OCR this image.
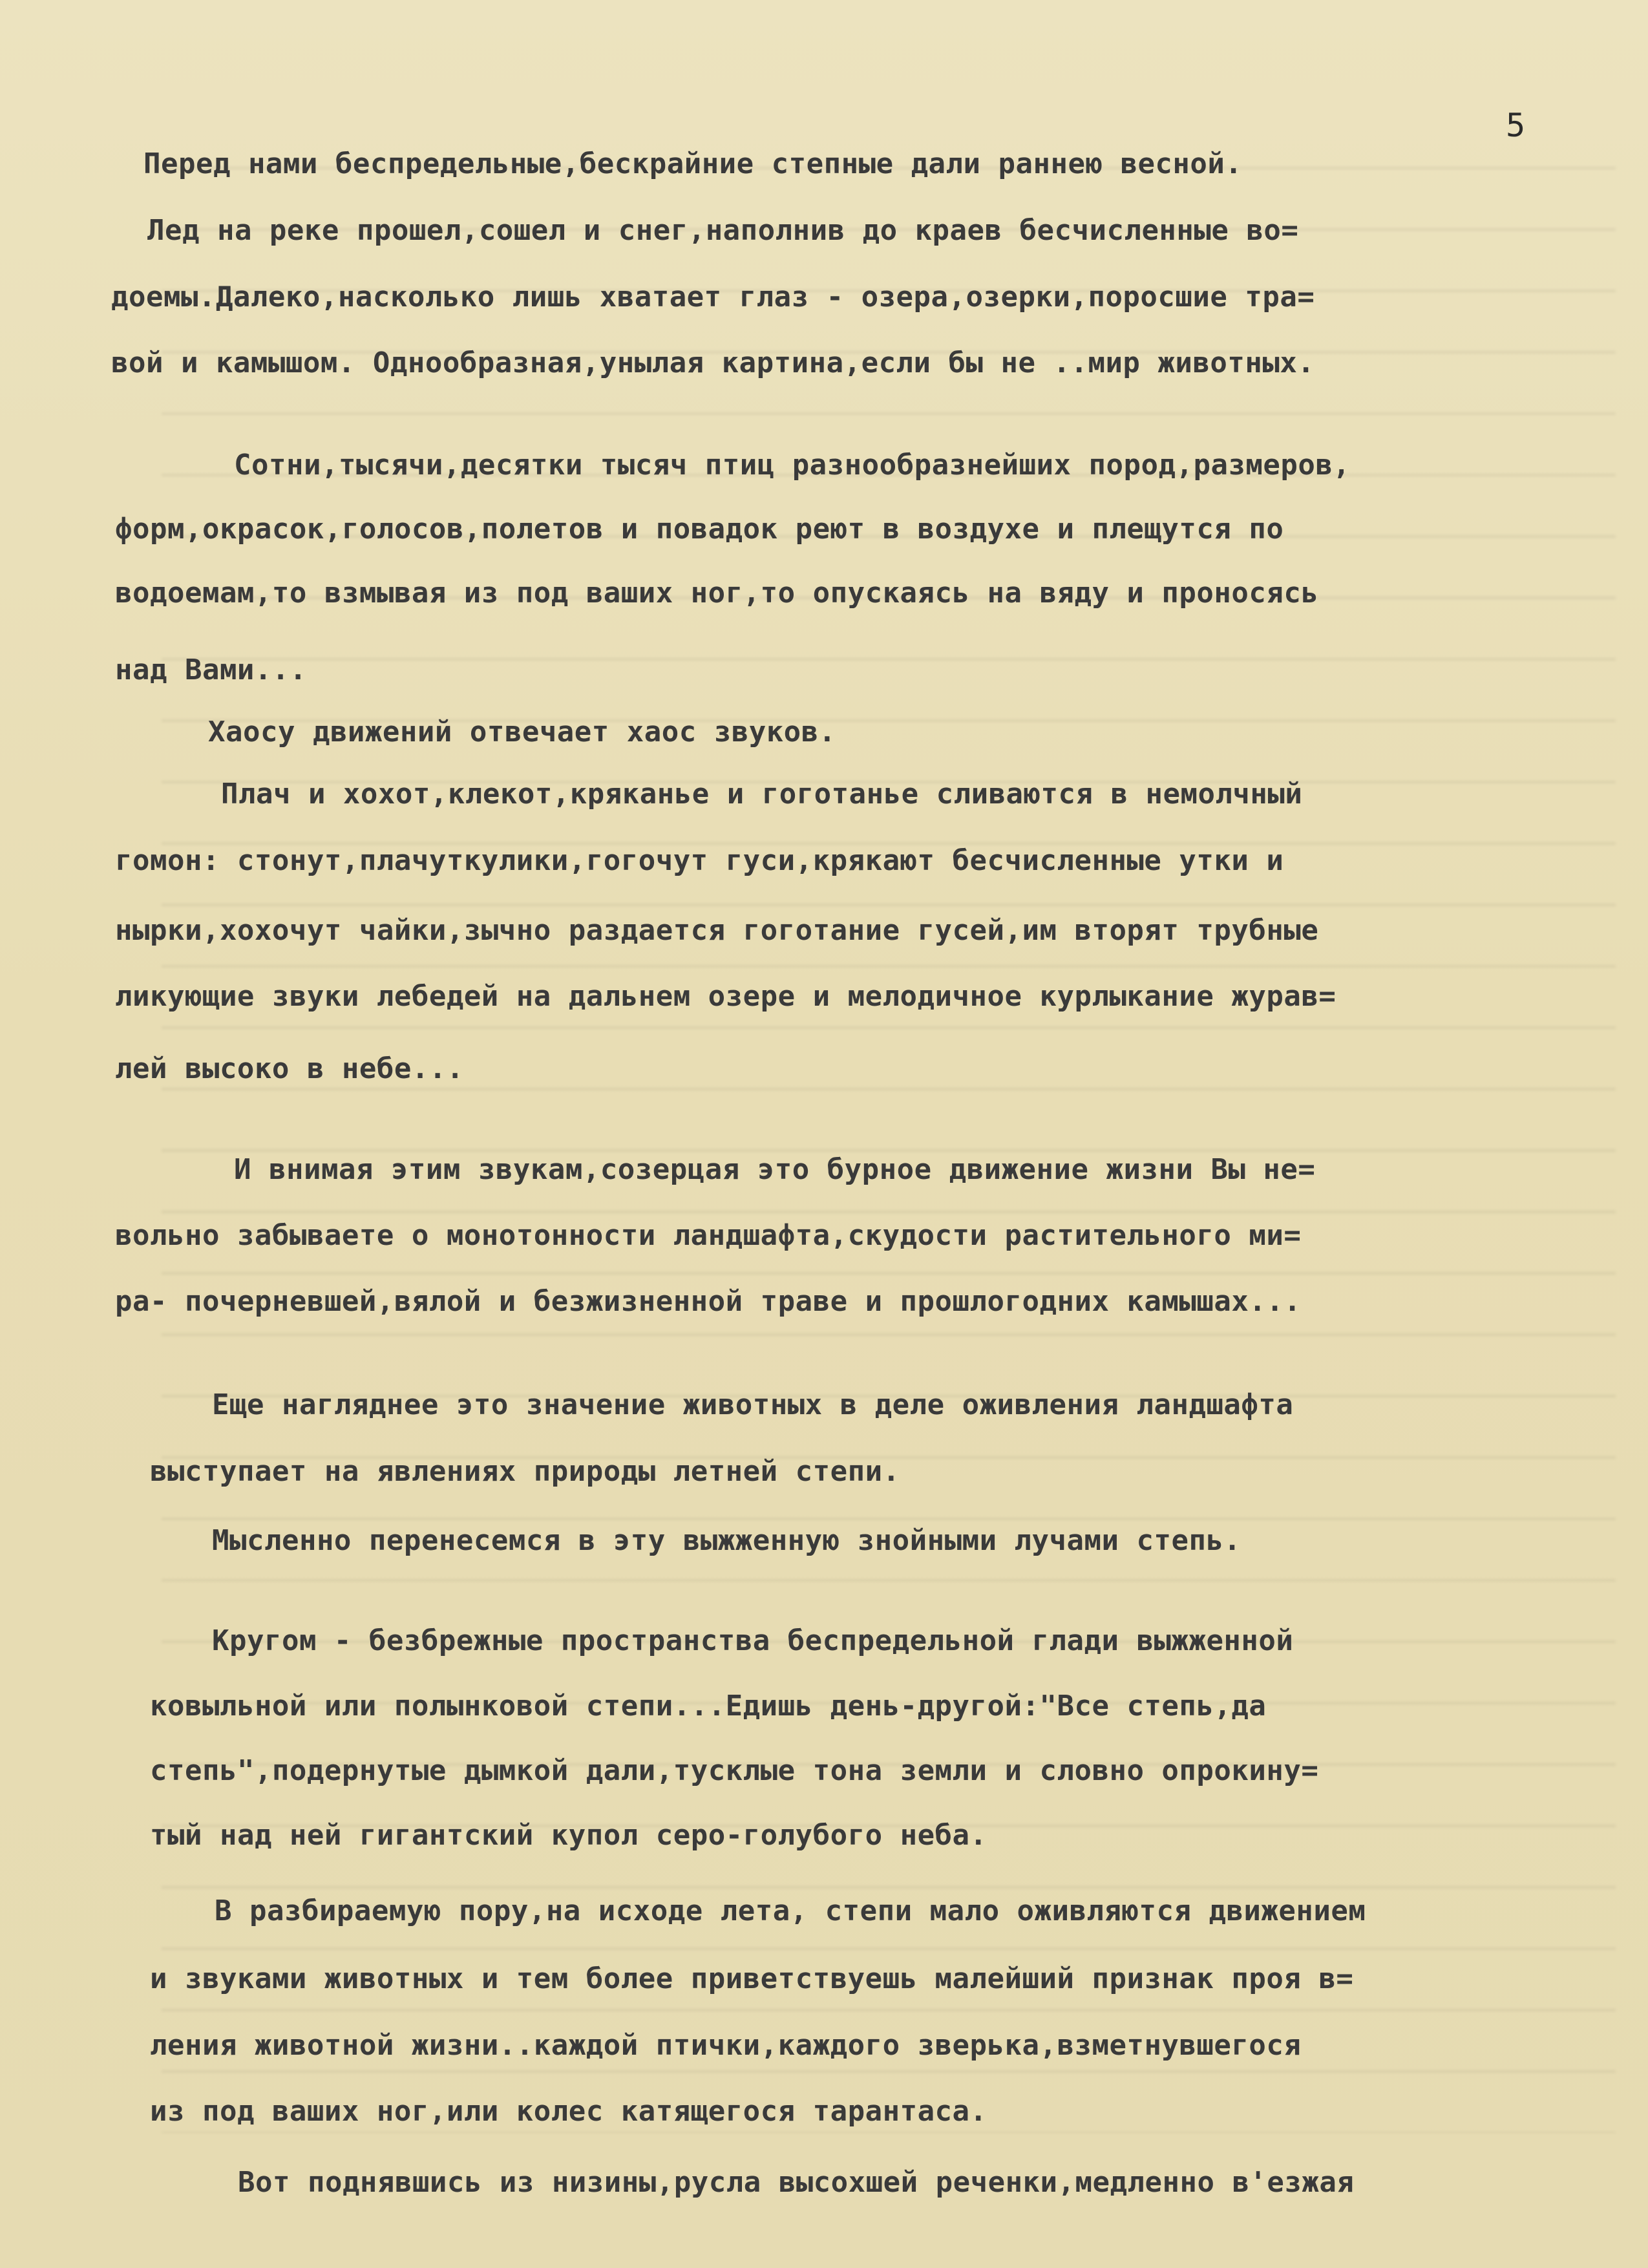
5
Перед нами беспредельные,бескрайние степные дали раннею весной.
Лед на реке прошел,сошел и снег,наполнив до краев бесчисленные во=
доемы.Далеко,насколько лишь хватает глаз - озера,озерки,поросшие тра=
вой и камышом. Однообразная,унылая картина,если бы не ..мир животных.
Сотни,тысячи,десятки тысяч птиц разнообразнейших пород,размеров,
форм,окрасок,голосов,полетов и повадок реют в воздухе и плещутся по
водоемам,то взмывая из под ваших ног,то опускаясь на вяду и проносясь
над Вами...
Хаосу движений отвечает хаос звуков.
Плач и хохот,клекот,кряканье и гоготанье сливаются в немолчный
гомон: стонут,плачуткулики,гогочут гуси,крякают бесчисленные утки и
нырки,хохочут чайки,зычно раздается гоготание гусей,им вторят трубные
ликующие звуки лебедей на дальнем озере и мелодичное курлыкание журав=
лей высоко в небе...
И внимая этим звукам,созерцая это бурное движение жизни Вы не=
вольно забываете о монотонности ландшафта,скудости растительного ми=
ра- почерневшей,вялой и безжизненной траве и прошлогодних камышах...
Еще нагляднее это значение животных в деле оживления ландшафта
выступает на явлениях природы летней степи.
Мысленно перенесемся в эту выжженную знойными лучами степь.
Кругом - безбрежные пространства беспредельной глади выжженной
ковыльной или полынковой степи...Едишь день-другой:"Все степь,да
степь",подернутые дымкой дали,тусклые тона земли и словно опрокину=
тый над ней гигантский купол серо-голубого неба.
В разбираемую пору,на исходе лета, степи мало оживляются движением
и звуками животных и тем более приветствуешь малейший признак проя в=
ления животной жизни..каждой птички,каждого зверька,взметнувшегося
из под ваших ног,или колес катящегося тарантаса.
Вот поднявшись из низины,русла высохшей реченки,медленно в'езжая
